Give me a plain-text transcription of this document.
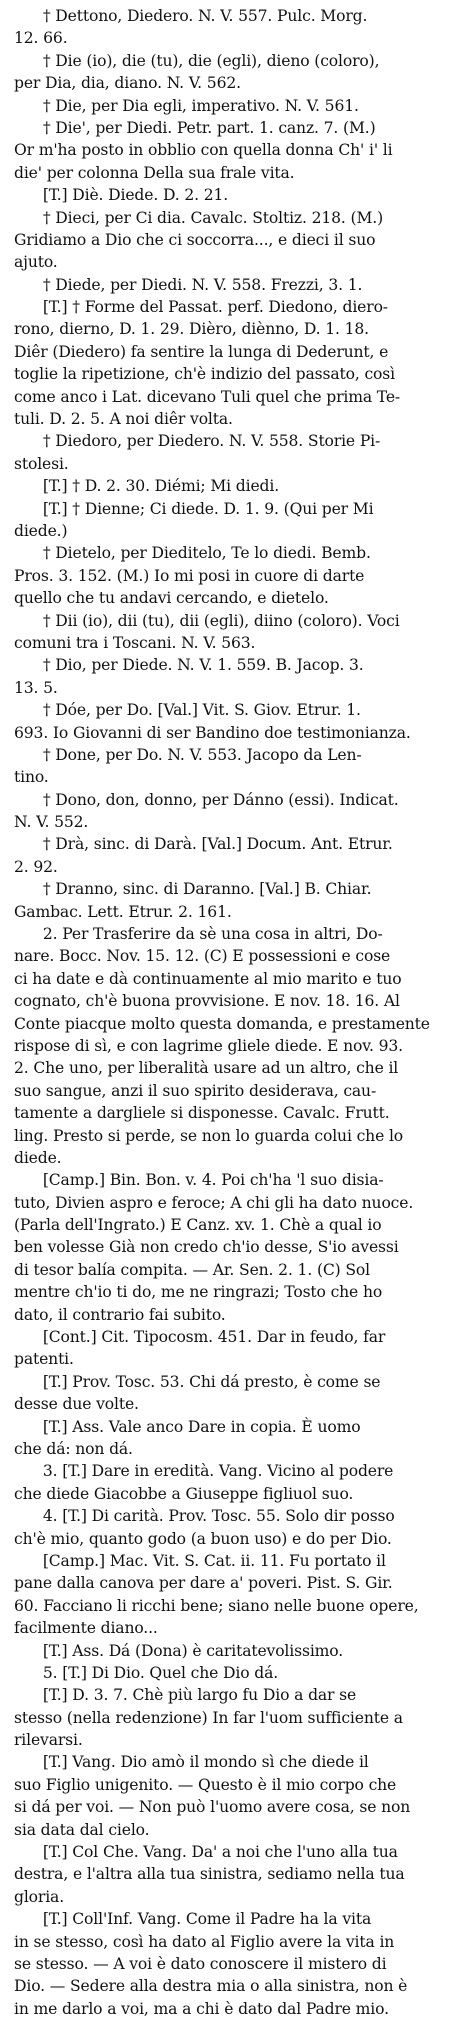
† Dettono, Diedero. N. V. 557. Pulc. Morg.
12. 66.
† Die (io), die (tu), die (egli), dieno (coloro),
per Dia, dia, diano. N. V. 562.
† Die, per Dia egli, imperativo. N. V. 561.
† Die', per Diedi. Petr. part. 1. canz. 7. (M.)
Or m'ha posto in obblio con quella donna Ch' i' li
die' per colonna Della sua frale vita.
[T.] Diè. Diede. D. 2. 21.
† Dieci, per Ci dia. Cavalc. Stoltiz. 218. (M.)
Gridiamo a Dio che ci soccorra..., e dieci il suo
ajuto.
† Diede, per Diedi. N. V. 558. Frezzi, 3. 1.
[T.] † Forme del Passat. perf. Diedono, diero-
rono, dierno, D. 1. 29. Dièro, diènno, D. 1. 18.
Diêr (Diedero) fa sentire la lunga di Dederunt, e
toglie la ripetizione, ch'è indizio del passato, così
come anco i Lat. dicevano Tuli quel che prima Te-
tuli. D. 2. 5. A noi diêr volta.
† Diedoro, per Diedero. N. V. 558. Storie Pi-
stolesi.
[T.] † D. 2. 30. Diémi; Mi diedi.
[T.] † Dienne; Ci diede. D. 1. 9. (Qui per Mi
diede.)
† Dietelo, per Dieditelo, Te lo diedi. Bemb.
Pros. 3. 152. (M.) Io mi posi in cuore di darte
quello che tu andavi cercando, e dietelo.
† Dii (io), dii (tu), dii (egli), diino (coloro). Voci
comuni tra i Toscani. N. V. 563.
† Dio, per Diede. N. V. 1. 559. B. Jacop. 3.
13. 5.
† Dóe, per Do. [Val.] Vit. S. Giov. Etrur. 1.
693. Io Giovanni di ser Bandino doe testimonianza.
† Done, per Do. N. V. 553. Jacopo da Len-
tino.
† Dono, don, donno, per Dánno (essi). Indicat.
N. V. 552.
† Drà, sinc. di Darà. [Val.] Docum. Ant. Etrur.
2. 92.
† Dranno, sinc. di Daranno. [Val.] B. Chiar.
Gambac. Lett. Etrur. 2. 161.
2. Per Trasferire da sè una cosa in altri, Do-
nare. Bocc. Nov. 15. 12. (C) E possessioni e cose
ci ha date e dà continuamente al mio marito e tuo
cognato, ch'è buona provvisione. E nov. 18. 16. Al
Conte piacque molto questa domanda, e prestamente
rispose di sì, e con lagrime gliele diede. E nov. 93.
2. Che uno, per liberalità usare ad un altro, che il
suo sangue, anzi il suo spirito desiderava, cau-
tamente a dargliele si disponesse. Cavalc. Frutt.
ling. Presto si perde, se non lo guarda colui che lo
diede.
[Camp.] Bin. Bon. v. 4. Poi ch'ha 'l suo disia-
tuto, Divien aspro e feroce; A chi gli ha dato nuoce.
(Parla dell'Ingrato.) E Canz. xv. 1. Chè a qual io
ben volesse Già non credo ch'io desse, S'io avessi
di tesor balía compita. — Ar. Sen. 2. 1. (C) Sol
mentre ch'io ti do, me ne ringrazi; Tosto che ho
dato, il contrario fai subito.
[Cont.] Cit. Tipocosm. 451. Dar in feudo, far
patenti.
[T.] Prov. Tosc. 53. Chi dá presto, è come se
desse due volte.
[T.] Ass. Vale anco Dare in copia. È uomo
che dá: non dá.
3. [T.] Dare in eredità. Vang. Vicino al podere
che diede Giacobbe a Giuseppe figliuol suo.
4. [T.] Di carità. Prov. Tosc. 55. Solo dir posso
ch'è mio, quanto godo (a buon uso) e do per Dio.
[Camp.] Mac. Vit. S. Cat. ii. 11. Fu portato il
pane dalla canova per dare a' poveri. Pist. S. Gir.
60. Facciano li ricchi bene; siano nelle buone opere,
facilmente diano...
[T.] Ass. Dá (Dona) è caritatevolissimo.
5. [T.] Di Dio. Quel che Dio dá.
[T.] D. 3. 7. Chè più largo fu Dio a dar se
stesso (nella redenzione) In far l'uom sufficiente a
rilevarsi.
[T.] Vang. Dio amò il mondo sì che diede il
suo Figlio unigenito. — Questo è il mio corpo che
si dá per voi. — Non può l'uomo avere cosa, se non
sia data dal cielo.
[T.] Col Che. Vang. Da' a noi che l'uno alla tua
destra, e l'altra alla tua sinistra, sediamo nella tua
gloria.
[T.] Coll'Inf. Vang. Come il Padre ha la vita
in se stesso, così ha dato al Figlio avere la vita in
se stesso. — A voi è dato conoscere il mistero di
Dio. — Sedere alla destra mia o alla sinistra, non è
in me darlo a voi, ma a chi è dato dal Padre mio.
